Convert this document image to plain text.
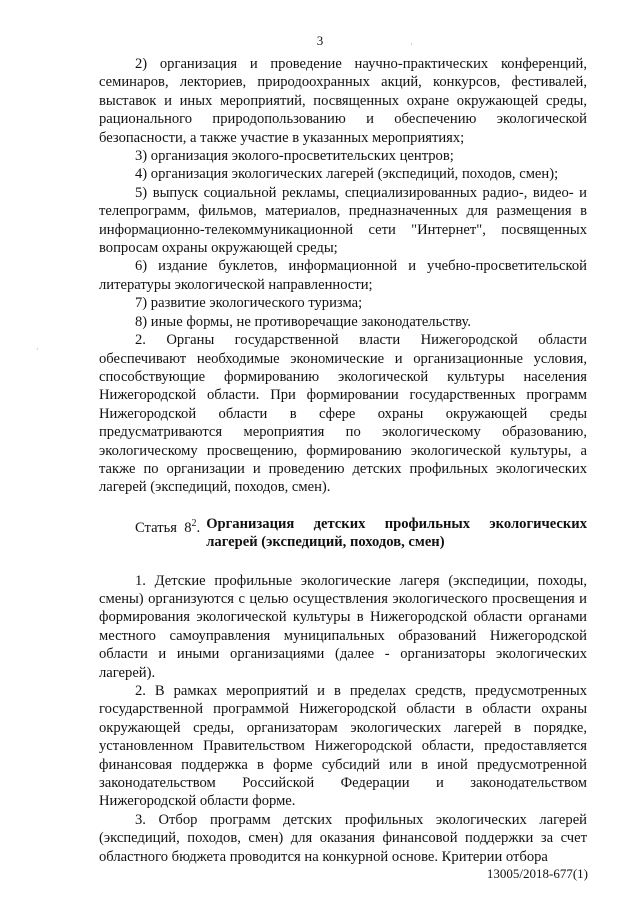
3

2) организация и проведение научно-практических конференций, семинаров, лекториев, природоохранных акций, конкурсов, фестивалей, выставок и иных мероприятий, посвященных охране окружающей среды, рационального природопользованию и обеспечению экологической безопасности, а также участие в указанных мероприятиях;

3) организация эколого-просветительских центров;

4) организация экологических лагерей (экспедиций, походов, смен);

5) выпуск социальной рекламы, специализированных радио-, видео- и телепрограмм, фильмов, материалов, предназначенных для размещения в информационно-телекоммуникационной сети "Интернет", посвященных вопросам охраны окружающей среды;

6) издание буклетов, информационной и учебно-просветительской литературы экологической направленности;

7) развитие экологического туризма;

8) иные формы, не противоречащие законодательству.

2. Органы государственной власти Нижегородской области обеспечивают необходимые экономические и организационные условия, способствующие формированию экологической культуры населения Нижегородской области. При формировании государственных программ Нижегородской области в сфере охраны окружающей среды предусматриваются мероприятия по экологическому образованию, экологическому просвещению, формированию экологической культуры, а также по организации и проведению детских профильных экологических лагерей (экспедиций, походов, смен).

Статья $8^2$. Организация детских профильных экологических лагерей (экспедиций, походов, смен)

1. Детские профильные экологические лагеря (экспедиции, походы, смены) организуются с целью осуществления экологического просвещения и формирования экологической культуры в Нижегородской области органами местного самоуправления муниципальных образований Нижегородской области и иными организациями (далее - организаторы экологических лагерей).

2. В рамках мероприятий и в пределах средств, предусмотренных государственной программой Нижегородской области в области охраны окружающей среды, организаторам экологических лагерей в порядке, установленном Правительством Нижегородской области, предоставляется финансовая поддержка в форме субсидий или в иной предусмотренной законодательством Российской Федерации и законодательством Нижегородской области форме.

3. Отбор программ детских профильных экологических лагерей (экспедиций, походов, смен) для оказания финансовой поддержки за счет областного бюджета проводится на конкурной основе. Критерии отбора

13005/2018-677(1)
·
·
